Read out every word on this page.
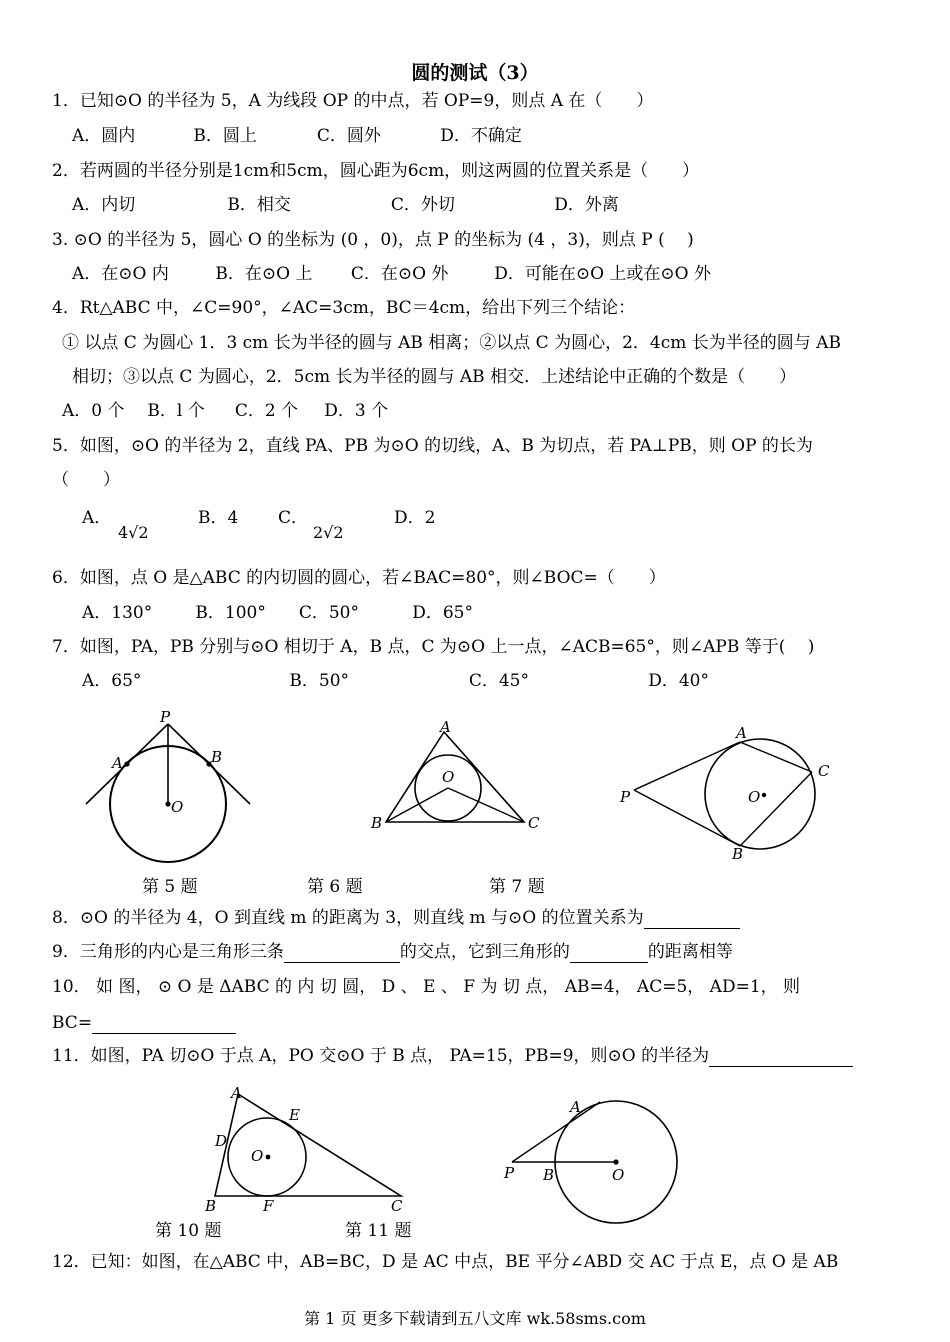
圆的测试（3）
1．已知⊙O 的半径为 5，A 为线段 OP 的中点，若 OP=9，则点 A 在（　　）
A．圆内	B．圆上	C．圆外	D．不确定
2．若两圆的半径分别是1cm和5cm，圆心距为6cm，则这两圆的位置关系是（　　）
A．内切	B．相交	C．外切	D．外离
3. ⊙O 的半径为 5，圆心 O 的坐标为 (0 ，0)，点 P 的坐标为 (4 ，3)，则点 P (　 )
A．在⊙O 内	B．在⊙O 上 C．在⊙O 外	D．可能在⊙O 上或在⊙O 外
4．Rt△ABC 中，∠C=90°，∠AC=3cm，BC＝4cm，给出下列三个结论：
① 以点 C 为圆心 1．3 cm 长为半径的圆与 AB 相离；②以点 C 为圆心，2．4cm 长为半径的圆与 AB
相切；③以点 C 为圆心，2．5cm 长为半径的圆与 AB 相交．上述结论中正确的个数是（　　）
A．0 个 B．l 个 C．2 个 D．3 个
5．如图，⊙O 的半径为 2，直线 PA、PB 为⊙O 的切线，A、B 为切点，若 PA⊥PB，则 OP 的长为
（　　）
A．
4√2
B．4 C．
2√2
D．2
6．如图，点 O 是△ABC 的内切圆的圆心，若∠BAC=80°，则∠BOC=（　　）
A．130°	B．100° C．50°	D．65°
7．如图，PA，PB 分别与⊙O 相切于 A，B 点，C 为⊙O 上一点，∠ACB=65°，则∠APB 等于(　 )
A．65°	B．50°	C．45°	D．40°
P
A	B
O
A
O
B	C
A
C
P	O
B
第 5 题	第 6 题	第 7 题
8．⊙O 的半径为 4，O 到直线 m 的距离为 3，则直线 m 与⊙O 的位置关系为
9．三角形的内心是三角形三条	的交点，它到三角形的	的距离相等
10． 如 图， ⊙ O 是 ΔABC 的 内 切 圆， D 、 E 、 F 为 切 点， AB=4， AC=5， AD=1， 则
BC=
11．如图，PA 切⊙O 于点 A，PO 交⊙O 于 B 点， PA=15，PB=9，则⊙O 的半径为
A
E
D
O
B	F	C
A
P B	O
第 10 题	第 11 题
12．已知：如图，在△ABC 中，AB=BC，D 是 AC 中点，BE 平分∠ABD 交 AC 于点 E，点 O 是 AB
第 1 页 更多下载请到五八文库 wk.58sms.com
